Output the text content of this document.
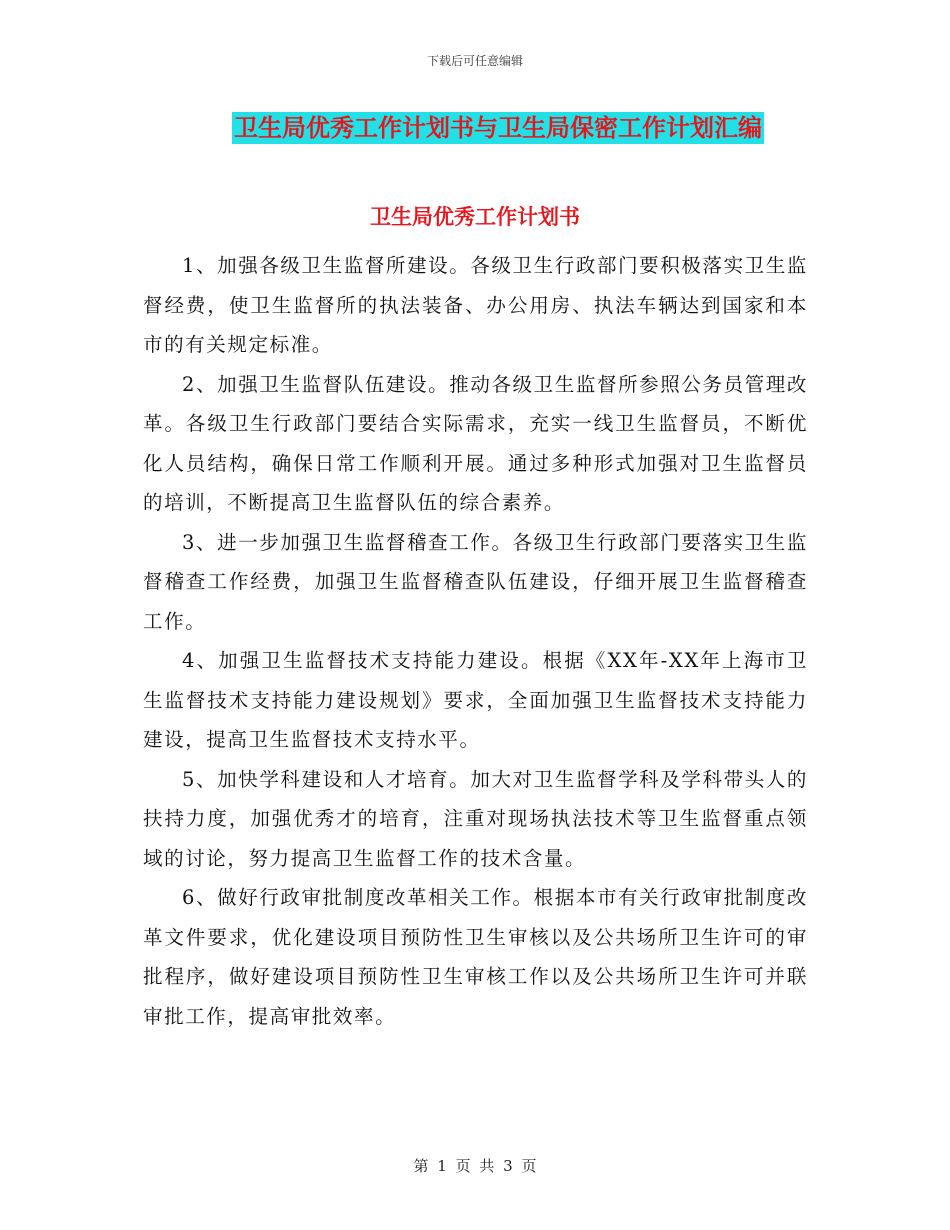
下载后可任意编辑
卫生局优秀工作计划书与卫生局保密工作计划汇编
卫生局优秀工作计划书

1、加强各级卫生监督所建设。各级卫生行政部门要积极落实卫生监督经费，使卫生监督所的执法装备、办公用房、执法车辆达到国家和本市的有关规定标准。

2、加强卫生监督队伍建设。推动各级卫生监督所参照公务员管理改革。各级卫生行政部门要结合实际需求，充实一线卫生监督员，不断优化人员结构，确保日常工作顺利开展。通过多种形式加强对卫生监督员的培训，不断提高卫生监督队伍的综合素养。

3、进一步加强卫生监督稽查工作。各级卫生行政部门要落实卫生监督稽查工作经费，加强卫生监督稽查队伍建设，仔细开展卫生监督稽查工作。

4、加强卫生监督技术支持能力建设。根据《XX年-XX年上海市卫生监督技术支持能力建设规划》要求，全面加强卫生监督技术支持能力建设，提高卫生监督技术支持水平。

5、加快学科建设和人才培育。加大对卫生监督学科及学科带头人的扶持力度，加强优秀才的培育，注重对现场执法技术等卫生监督重点领域的讨论，努力提高卫生监督工作的技术含量。

6、做好行政审批制度改革相关工作。根据本市有关行政审批制度改革文件要求，优化建设项目预防性卫生审核以及公共场所卫生许可的审批程序，做好建设项目预防性卫生审核工作以及公共场所卫生许可并联审批工作，提高审批效率。

第 1 页 共 3 页
